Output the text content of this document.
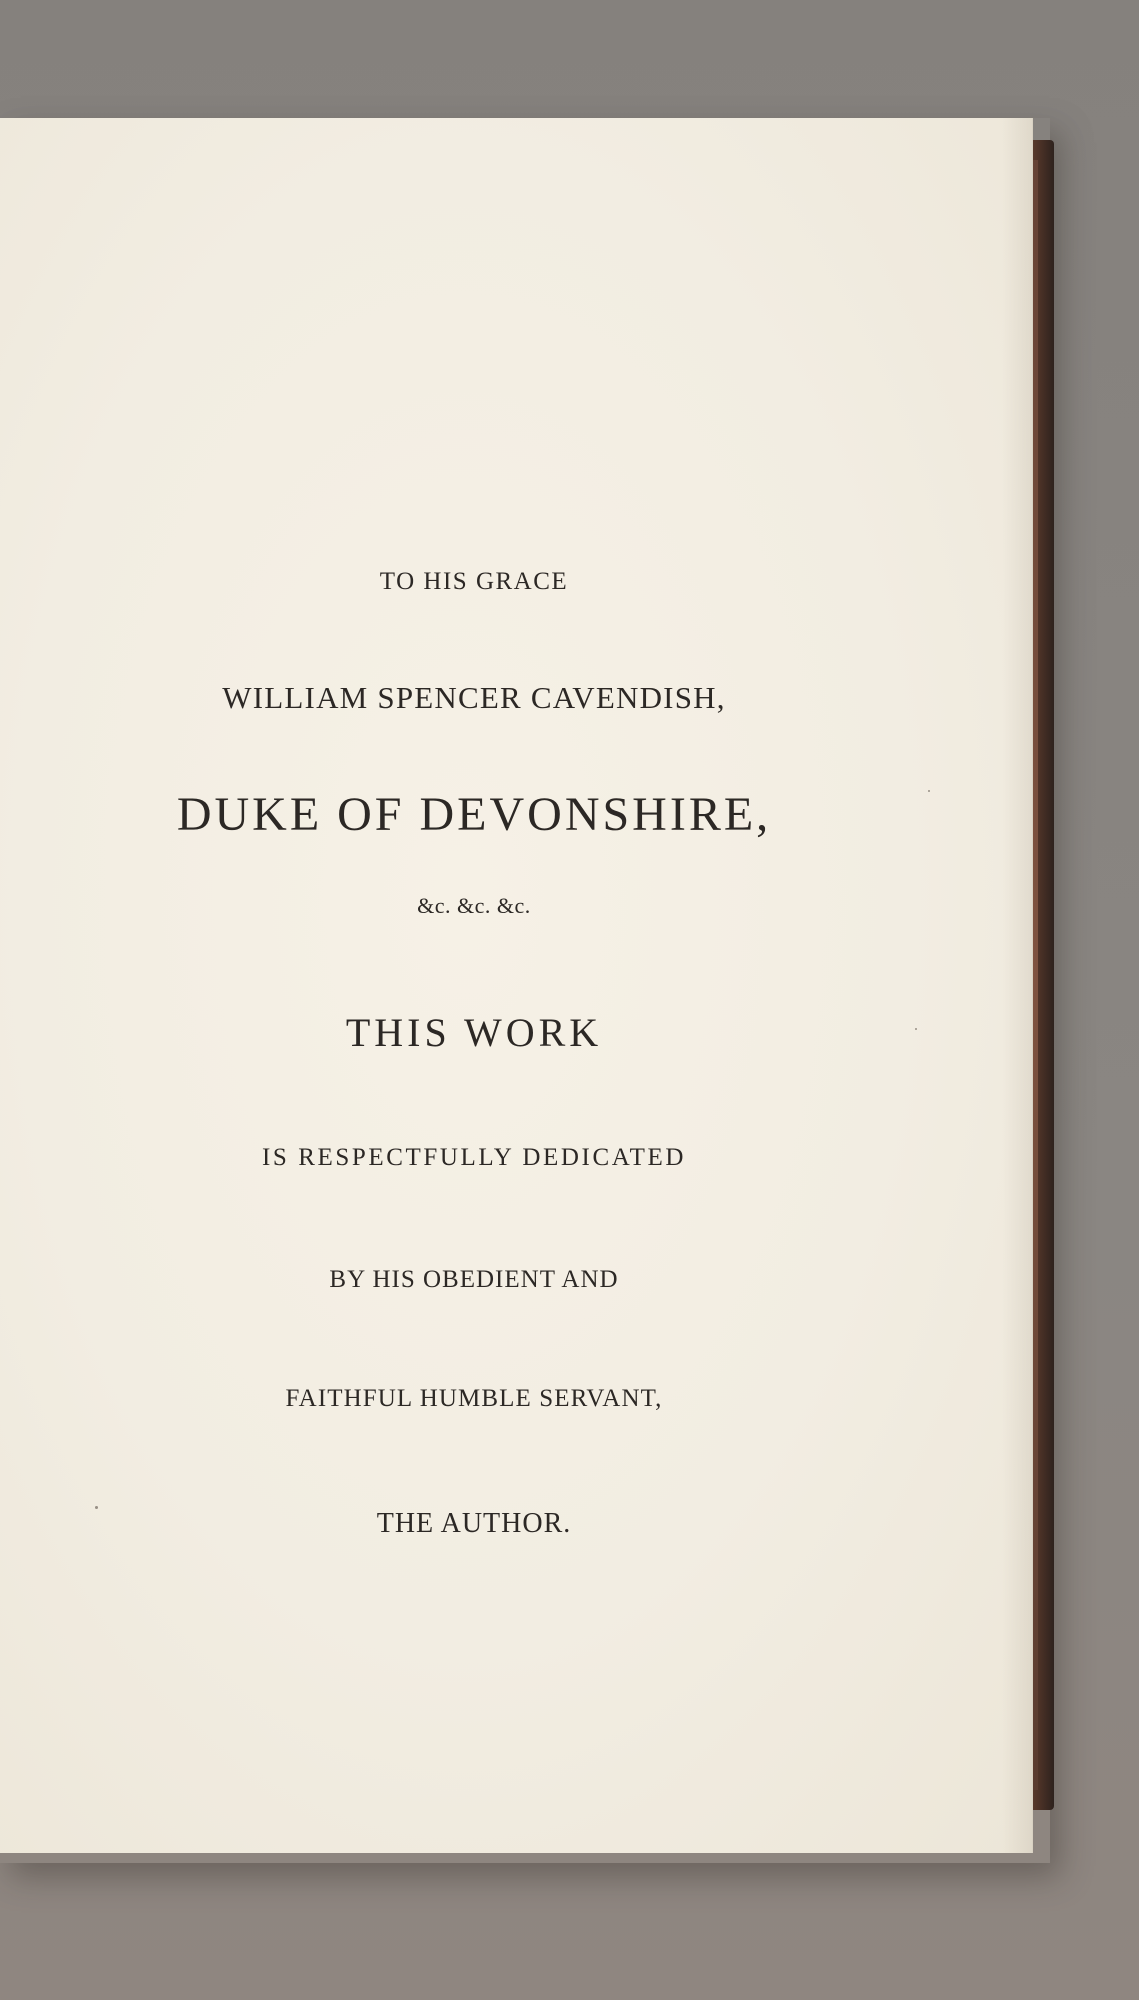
TO HIS GRACE
WILLIAM SPENCER CAVENDISH,
DUKE OF DEVONSHIRE,
&c. &c. &c.
THIS WORK
IS RESPECTFULLY DEDICATED
BY HIS OBEDIENT AND
FAITHFUL HUMBLE SERVANT,
THE AUTHOR.
